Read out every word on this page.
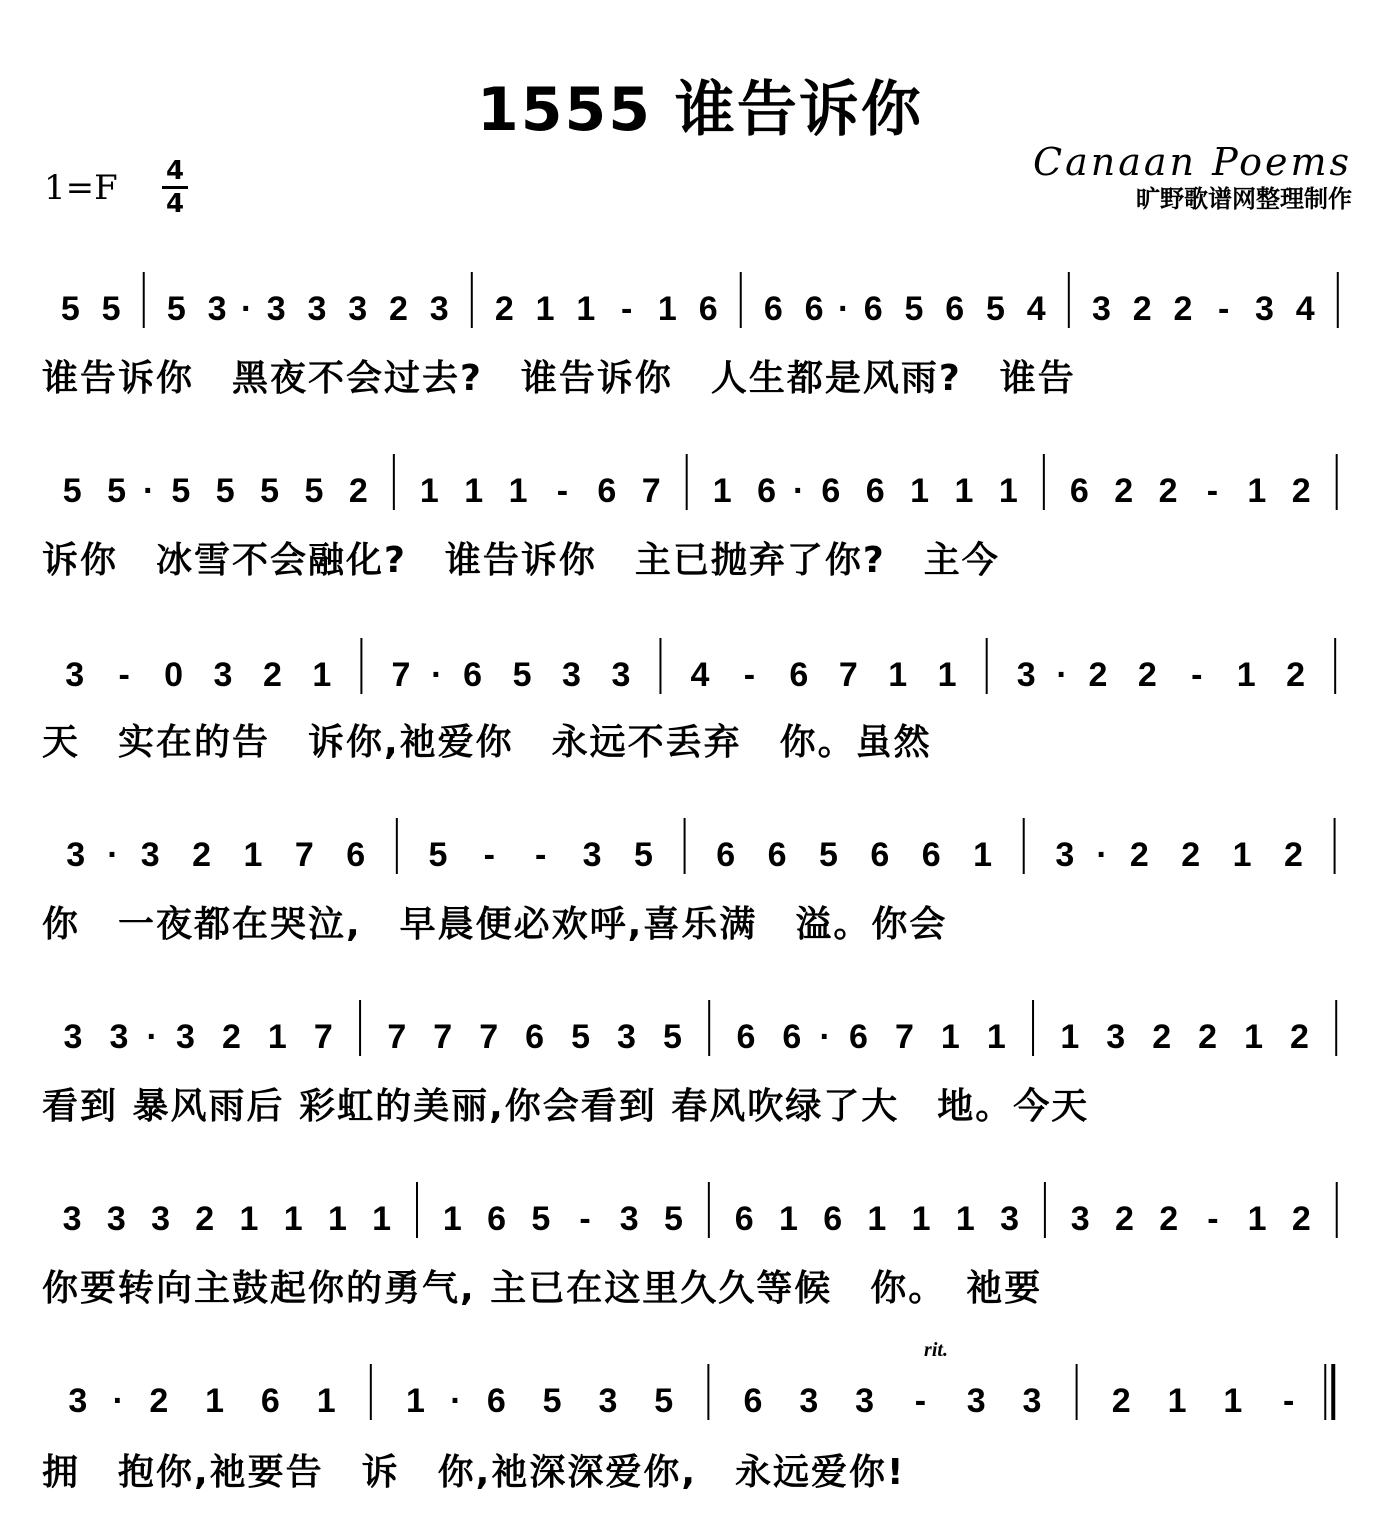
1555 谁告诉你
1=F 4
4
Canaan Poems
旷野歌谱网整理制作
5 5 5 3 · 3 3 3 2 3 2 1 1 - 1 6 6 6 · 6 5 6 5 4 3 2 2 - 3 4
谁告诉你　黑夜不会过去?　谁告诉你　人生都是风雨?　谁告
5 5 · 5 5 5 5 2 1 1 1 - 6 7 1 6 · 6 6 1 1 1 6 2 2 - 1 2
诉你　冰雪不会融化?　谁告诉你　主已抛弃了你?　主今
3 - 0 3 2 1 7 · 6 5 3 3 4 - 6 7 1 1 3 · 2 2 - 1 2
天　实在的告　诉你,祂爱你　永远不丢弃　你。虽然
3 · 3 2 1 7 6 5 - - 3 5 6 6 5 6 6 1 3 · 2 2 1 2
你　一夜都在哭泣,　早晨便必欢呼,喜乐满　溢。你会
3 3 · 3 2 1 7 7 7 7 6 5 3 5 6 6 · 6 7 1 1 1 3 2 2 1 2
看到 暴风雨后 彩虹的美丽,你会看到 春风吹绿了大　地。今天
3 3 3 2 1 1 1 1 1 6 5 - 3 5 6 1 6 1 1 1 3 3 2 2 - 1 2
你要转向主鼓起你的勇气, 主已在这里久久等候　你。　祂要
3 · 2 1 6 1 1 · 6 5 3 5 6 3 3 - 3 3 2 1 1 -
rit.
拥　抱你,祂要告　诉　你,祂深深爱你,　永远爱你!
